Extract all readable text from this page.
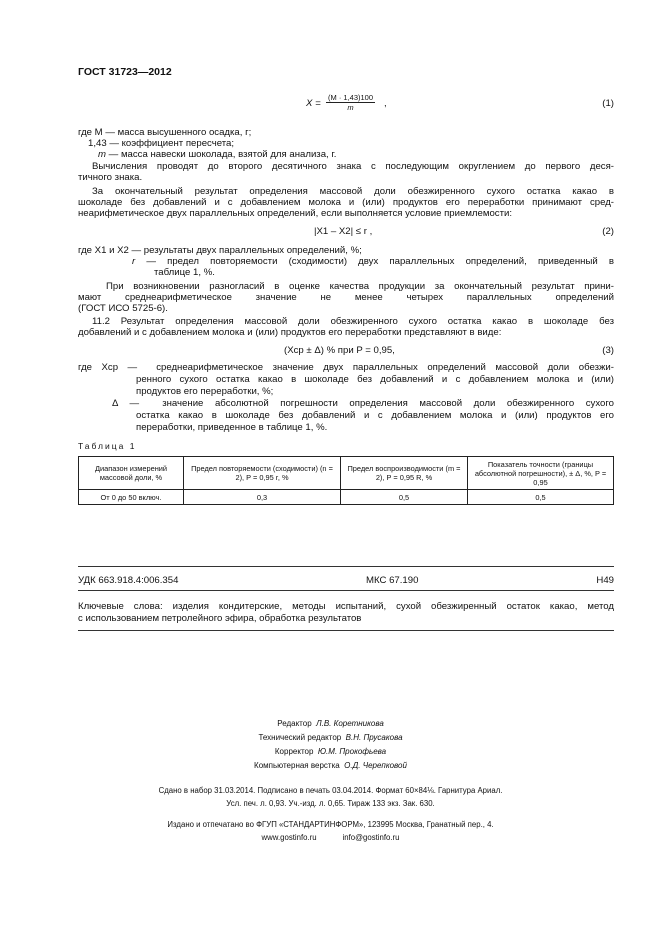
ГОСТ 31723—2012
$X = \frac{(M \cdot 1,43)100}{m}$ ,	(1)
где M — масса высушенного осадка, г;
1,43 — коэффициент пересчета;
m — масса навески шоколада, взятой для анализа, г.
Вычисления проводят до второго десятичного знака с последующим округлением до первого деся-
тичного знака.
За окончательный результат определения массовой доли обезжиренного сухого остатка какао в
шоколаде без добавлений и с добавлением молока и (или) продуктов его переработки принимают сред-
неарифметическое двух параллельных определений, если выполняется условие приемлемости:
|X1 – X2| ≤ r ,	(2)
где X1 и X2 — результаты двух параллельных определений, %;
r — предел повторяемости (сходимости) двух параллельных определений, приведенный в
таблице 1, %.
При возникновении разногласий в оценке качества продукции за окончательный результат прини-
мают среднеарифметическое значение не менее четырех параллельных определений
(ГОСТ ИСО 5725-6).
11.2 Результат определения массовой доли обезжиренного сухого остатка какао в шоколаде без
добавлений и с добавлением молока и (или) продуктов его переработки представляют в виде:
(Xср ± Δ) % при P = 0,95,	(3)
где Xср — среднеарифметическое значение двух параллельных определений массовой доли обезжи-
ренного сухого остатка какао в шоколаде без добавлений и с добавлением молока и (или)
продуктов его переработки, %;
Δ — значение абсолютной погрешности определения массовой доли обезжиренного сухого
остатка какао в шоколаде без добавлений и с добавлением молока и (или) продуктов его
переработки, приведенное в таблице 1, %.
Таблица 1
Диапазон измерений массовой доли, %	Предел повторяемости (сходимости) (n = 2), P = 0,95 r, %	Предел воспроизводимости (m = 2), P = 0,95 R, %	Показатель точности (границы абсолютной погрешности), ± Δ, %, P = 0,95
От 0 до 50 включ.	0,3	0,5	0,5
УДК 663.918.4:006.354	МКС 67.190	H49
Ключевые слова: изделия кондитерские, методы испытаний, сухой обезжиренный остаток какао, метод
с использованием петролейного эфира, обработка результатов
Редактор Л.В. Коретникова
Технический редактор В.Н. Прусакова
Корректор Ю.М. Прокофьева
Компьютерная верстка О.Д. Черепковой
Сдано в набор 31.03.2014. Подписано в печать 03.04.2014. Формат 60×84⅛. Гарнитура Ариал.
Усл. печ. л. 0,93. Уч.-изд. л. 0,65. Тираж 133 экз. Зак. 630.
Издано и отпечатано во ФГУП «СТАНДАРТИНФОРМ», 123995 Москва, Гранатный пер., 4.
www.gostinfo.ru	info@gostinfo.ru
